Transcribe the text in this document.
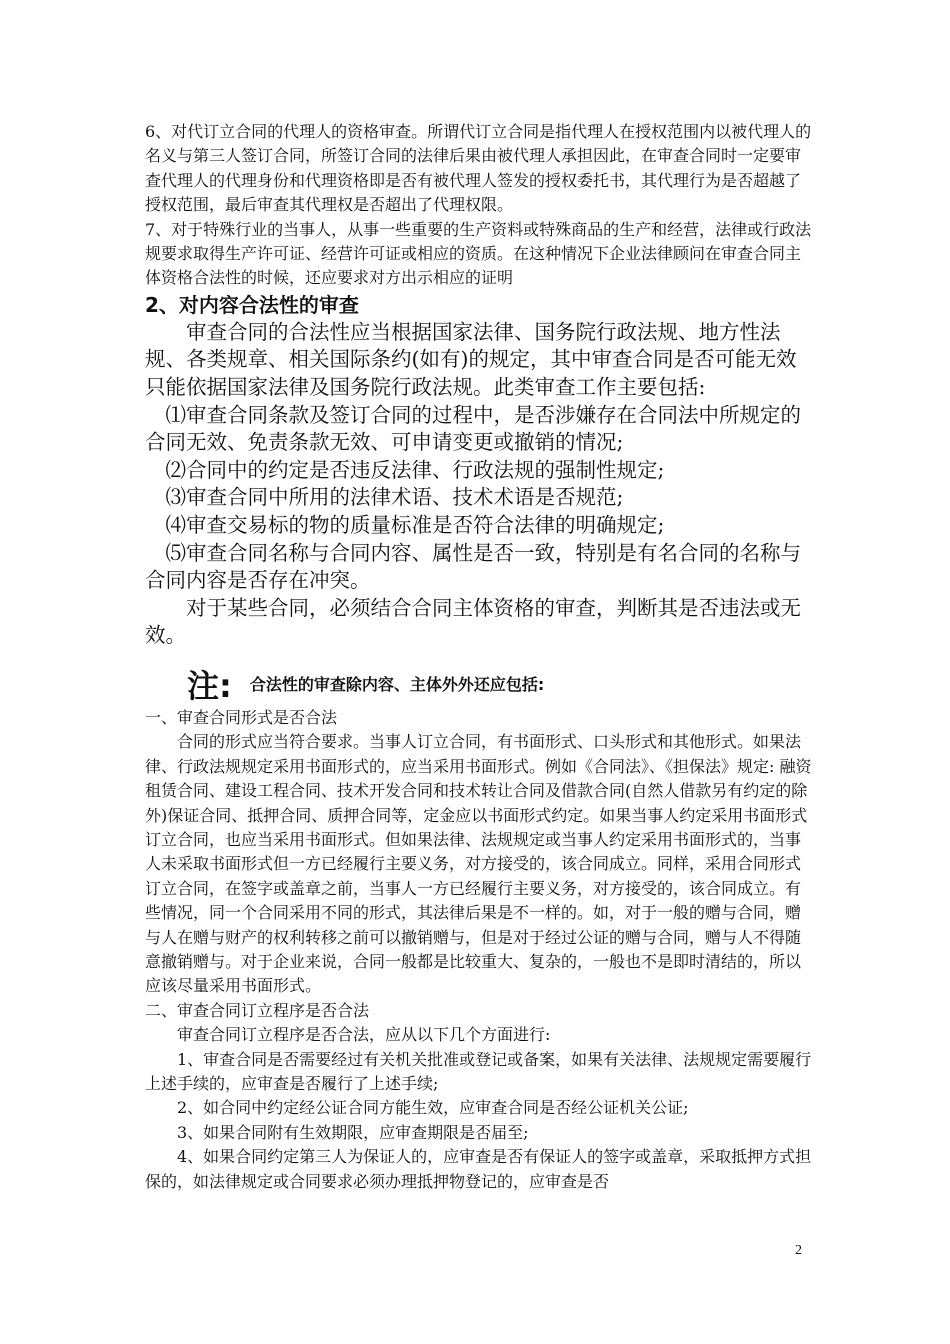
6、对代订立合同的代理人的资格审查。所谓代订立合同是指代理人在授权范围内以被代理人的名义与第三人签订合同，所签订合同的法律后果由被代理人承担因此，在审查合同时一定要审查代理人的代理身份和代理资格即是否有被代理人签发的授权委托书，其代理行为是否超越了授权范围，最后审查其代理权是否超出了代理权限。

7、对于特殊行业的当事人，从事一些重要的生产资料或特殊商品的生产和经营，法律或行政法规要求取得生产许可证、经营许可证或相应的资质。在这种情况下企业法律顾问在审查合同主体资格合法性的时候，还应要求对方出示相应的证明

2、对内容合法性的审查

审查合同的合法性应当根据国家法律、国务院行政法规、地方性法规、各类规章、相关国际条约(如有)的规定，其中审查合同是否可能无效只能依据国家法律及国务院行政法规。此类审查工作主要包括:

⑴审查合同条款及签订合同的过程中，是否涉嫌存在合同法中所规定的合同无效、免责条款无效、可申请变更或撤销的情况;

⑵合同中的约定是否违反法律、行政法规的强制性规定;

⑶审查合同中所用的法律术语、技术术语是否规范;

⑷审查交易标的物的质量标准是否符合法律的明确规定;

⑸审查合同名称与合同内容、属性是否一致，特别是有名合同的名称与合同内容是否存在冲突。

对于某些合同，必须结合合同主体资格的审查，判断其是否违法或无效。

注: 合法性的审查除内容、主体外外还应包括:

一、审查合同形式是否合法

合同的形式应当符合要求。当事人订立合同，有书面形式、口头形式和其他形式。如果法律、行政法规规定采用书面形式的，应当采用书面形式。例如《合同法》、《担保法》规定: 融资租赁合同、建设工程合同、技术开发合同和技术转让合同及借款合同(自然人借款另有约定的除外)保证合同、抵押合同、质押合同等，定金应以书面形式约定。如果当事人约定采用书面形式订立合同，也应当采用书面形式。但如果法律、法规规定或当事人约定采用书面形式的，当事人未采取书面形式但一方已经履行主要义务，对方接受的，该合同成立。同样，采用合同形式订立合同，在签字或盖章之前，当事人一方已经履行主要义务，对方接受的，该合同成立。有些情况，同一个合同采用不同的形式，其法律后果是不一样的。如，对于一般的赠与合同，赠与人在赠与财产的权利转移之前可以撤销赠与，但是对于经过公证的赠与合同，赠与人不得随意撤销赠与。对于企业来说，合同一般都是比较重大、复杂的，一般也不是即时清结的，所以应该尽量采用书面形式。

二、审查合同订立程序是否合法

审查合同订立程序是否合法，应从以下几个方面进行:

1、审查合同是否需要经过有关机关批准或登记或备案，如果有关法律、法规规定需要履行上述手续的，应审查是否履行了上述手续;

2、如合同中约定经公证合同方能生效，应审查合同是否经公证机关公证;

3、如果合同附有生效期限，应审查期限是否届至;

4、如果合同约定第三人为保证人的，应审查是否有保证人的签字或盖章，采取抵押方式担保的，如法律规定或合同要求必须办理抵押物登记的，应审查是否

2
